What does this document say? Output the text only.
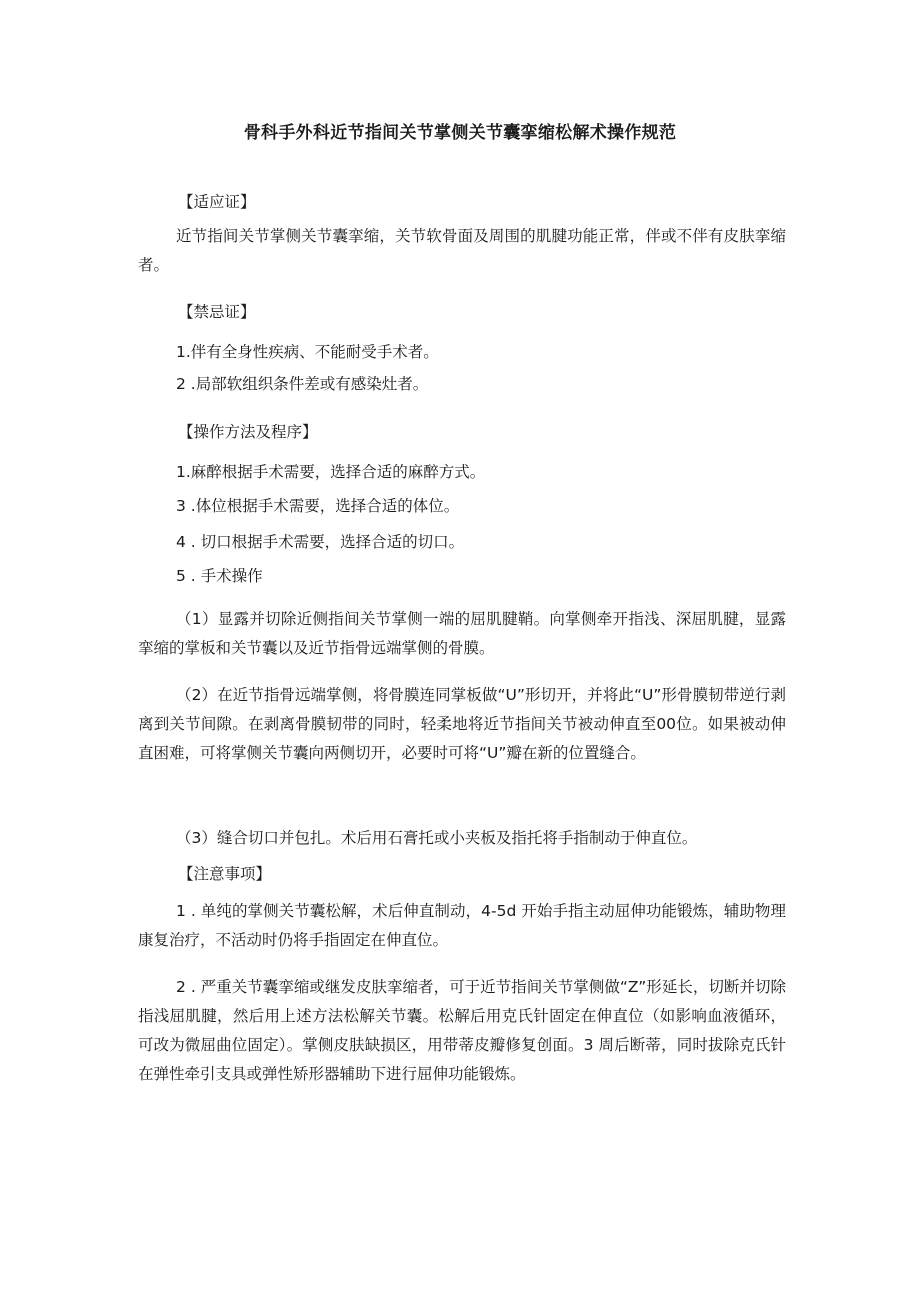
骨科手外科近节指间关节掌侧关节囊挛缩松解术操作规范
【适应证】
近节指间关节掌侧关节囊挛缩，关节软骨面及周围的肌腱功能正常，伴或不伴有皮肤挛缩者。
【禁忌证】
1.伴有全身性疾病、不能耐受手术者。
2 .局部软组织条件差或有感染灶者。
【操作方法及程序】
1.麻醉根据手术需要，选择合适的麻醉方式。
3 .体位根据手术需要，选择合适的体位。
4 . 切口根据手术需要，选择合适的切口。
5 . 手术操作
（1）显露并切除近侧指间关节掌侧一端的屈肌腱鞘。向掌侧牵开指浅、深屈肌腱，显露挛缩的掌板和关节囊以及近节指骨远端掌侧的骨膜。
（2）在近节指骨远端掌侧，将骨膜连同掌板做“U”形切开，并将此“U”形骨膜韧带逆行剥离到关节间隙。在剥离骨膜韧带的同时，轻柔地将近节指间关节被动伸直至00位。如果被动伸直困难，可将掌侧关节囊向两侧切开，必要时可将“U”瓣在新的位置缝合。
（3）缝合切口并包扎。术后用石膏托或小夹板及指托将手指制动于伸直位。
【注意事项】
1 . 单纯的掌侧关节囊松解，术后伸直制动，4-5d 开始手指主动屈伸功能锻炼，辅助物理康复治疗，不活动时仍将手指固定在伸直位。
2 . 严重关节囊挛缩或继发皮肤挛缩者，可于近节指间关节掌侧做“Z”形延长，切断并切除指浅屈肌腱，然后用上述方法松解关节囊。松解后用克氏针固定在伸直位（如影响血液循环，可改为微屈曲位固定）。掌侧皮肤缺损区，用带蒂皮瓣修复创面。3 周后断蒂，同时拔除克氏针在弹性牵引支具或弹性矫形器辅助下进行屈伸功能锻炼。
